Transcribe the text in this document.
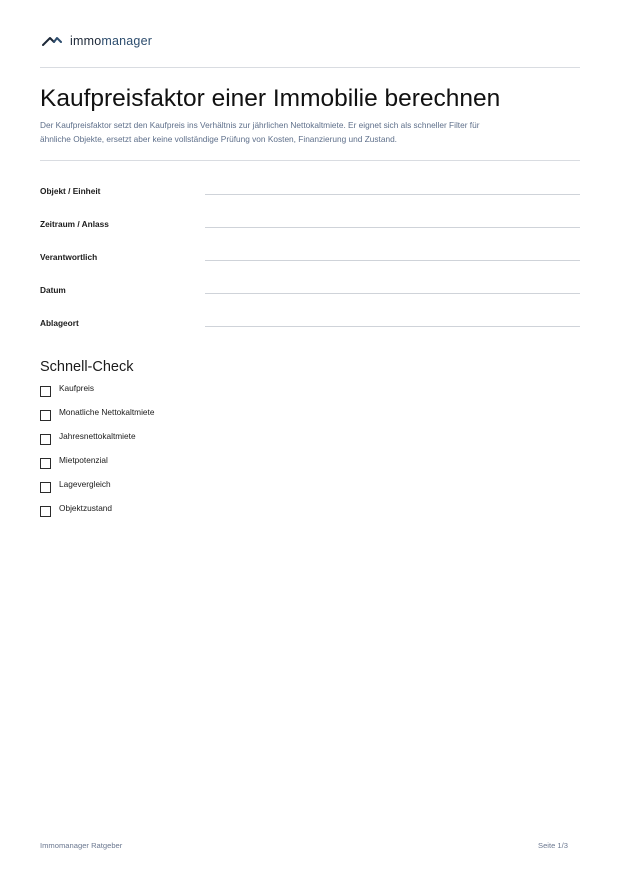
immomanager
Kaufpreisfaktor einer Immobilie berechnen

Der Kaufpreisfaktor setzt den Kaufpreis ins Verhältnis zur jährlichen Nettokaltmiete. Er eignet sich als schneller Filter für ähnliche Objekte, ersetzt aber keine vollständige Prüfung von Kosten, Finanzierung und Zustand.

Objekt / Einheit
Zeitraum / Anlass
Verantwortlich
Datum
Ablageort
Schnell-Check
Kaufpreis
Monatliche Nettokaltmiete
Jahresnettokaltmiete
Mietpotenzial
Lagevergleich
Objektzustand
Immomanager Ratgeber	Seite 1/3
